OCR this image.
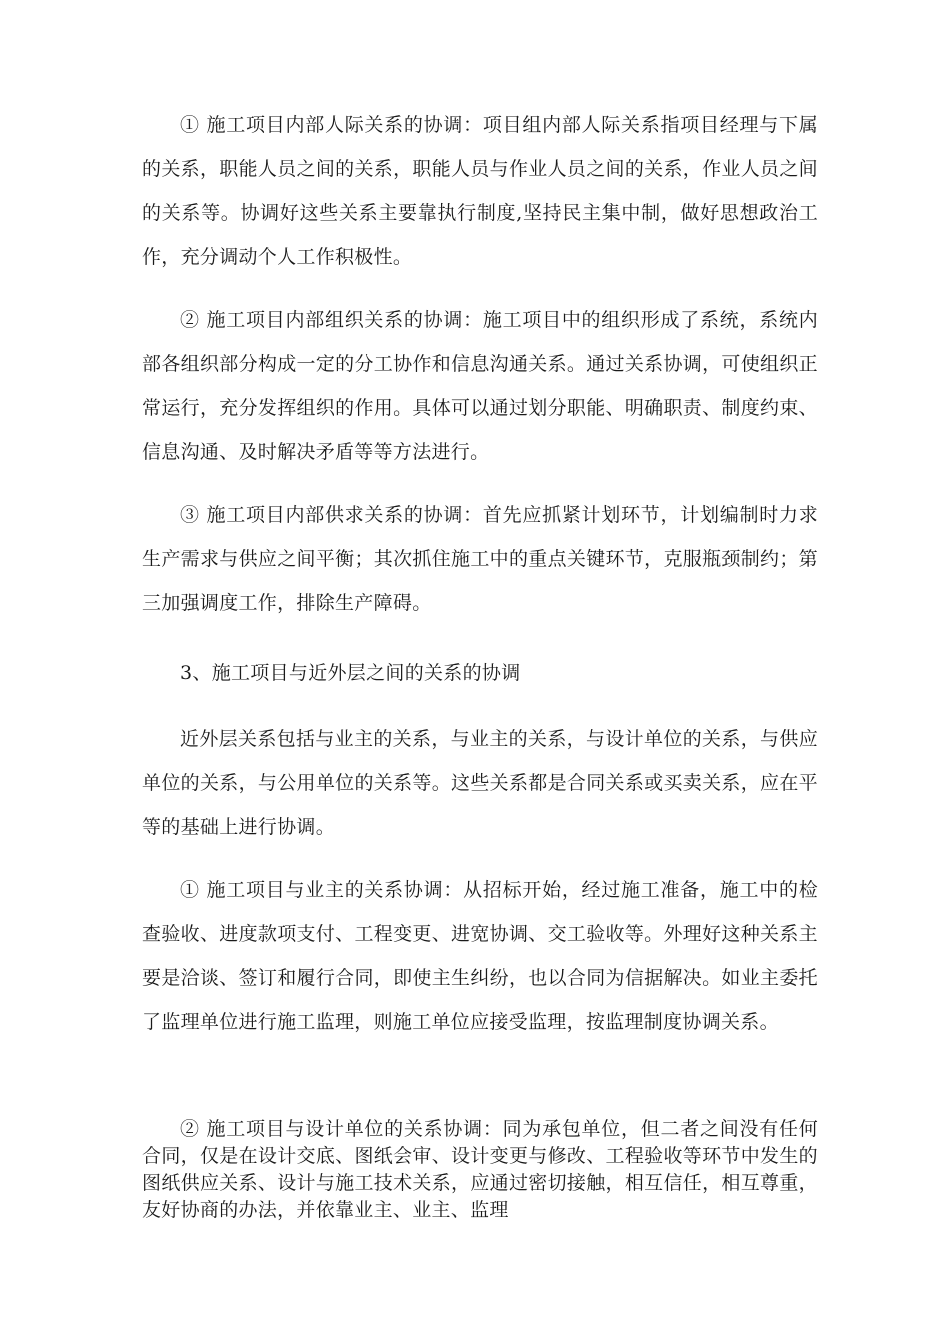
① 施工项目内部人际关系的协调：项目组内部人际关系指项目经理与下属的关系，职能人员之间的关系，职能人员与作业人员之间的关系，作业人员之间的关系等。协调好这些关系主要靠执行制度,坚持民主集中制，做好思想政治工作，充分调动个人工作积极性。

② 施工项目内部组织关系的协调：施工项目中的组织形成了系统，系统内部各组织部分构成一定的分工协作和信息沟通关系。通过关系协调，可使组织正常运行，充分发挥组织的作用。具体可以通过划分职能、明确职责、制度约束、信息沟通、及时解决矛盾等等方法进行。

③ 施工项目内部供求关系的协调：首先应抓紧计划环节，计划编制时力求生产需求与供应之间平衡；其次抓住施工中的重点关键环节，克服瓶颈制约；第三加强调度工作，排除生产障碍。

3、施工项目与近外层之间的关系的协调

近外层关系包括与业主的关系，与业主的关系，与设计单位的关系，与供应单位的关系，与公用单位的关系等。这些关系都是合同关系或买卖关系，应在平等的基础上进行协调。

① 施工项目与业主的关系协调：从招标开始，经过施工准备，施工中的检查验收、进度款项支付、工程变更、进宽协调、交工验收等。外理好这种关系主要是洽谈、签订和履行合同，即使主生纠纷，也以合同为信据解决。如业主委托了监理单位进行施工监理，则施工单位应接受监理，按监理制度协调关系。

② 施工项目与设计单位的关系协调：同为承包单位，但二者之间没有任何合同，仅是在设计交底、图纸会审、设计变更与修改、工程验收等环节中发生的图纸供应关系、设计与施工技术关系，应通过密切接触，相互信任，相互尊重，友好协商的办法，并依靠业主、业主、监理
